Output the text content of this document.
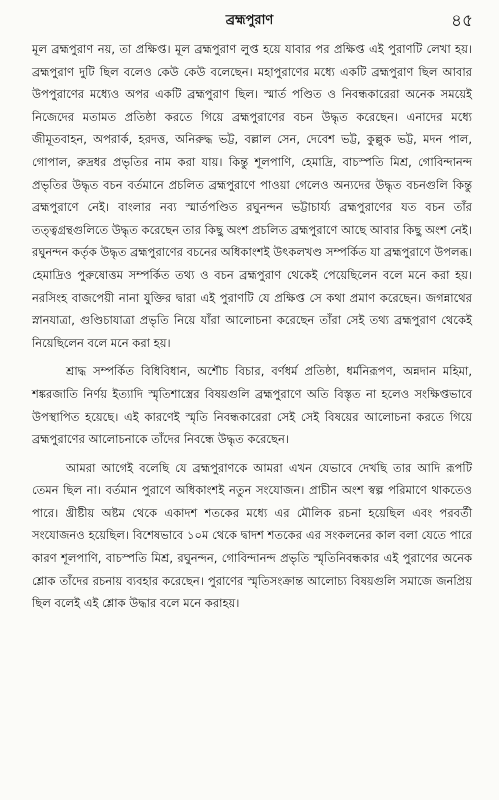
ব্রহ্মপুরাণ	৪৫

মূল ব্রহ্মপুরাণ নয়, তা প্রক্ষিপ্ত। মূল ব্রহ্মপুরাণ লুপ্ত হয়ে যাবার পর প্রক্ষিপ্ত এই পুরাণটি লেখা হয়। ব্রহ্মপুরাণ দুটি ছিল বলেও কেউ কেউ বলেছেন। মহাপুরাণের মধ্যে একটি ব্রহ্মপুরাণ ছিল আবার উপপুরাণের মধ্যেও অপর একটি ব্রহ্মপুরাণ ছিল। স্মার্ত পণ্ডিত ও নিবন্ধকারেরা অনেক সময়েই নিজেদের মতামত প্রতিষ্ঠা করতে গিয়ে ব্রহ্মপুরাণের বচন উদ্ধৃত করেছেন। এনাদের মধ্যে জীমূতবাহন, অপরার্ক, হরদত্ত, অনিরুদ্ধ ভট্ট, বল্লাল সেন, দেবেশ ভট্ট, কুল্লুক ভট্ট, মদন পাল, গোপাল, রুদ্রধর প্রভৃতির নাম করা যায়। কিন্তু শূলপাণি, হেমাদ্রি, বাচস্পতি মিশ্র, গোবিন্দানন্দ প্রভৃতির উদ্ধৃত বচন বর্তমানে প্রচলিত ব্রহ্মপুরাণে পাওয়া গেলেও অন্যদের উদ্ধৃত বচনগুলি কিন্তু ব্রহ্মপুরাণে নেই। বাংলার নব্য স্মার্তপণ্ডিত রঘুনন্দন ভট্টাচার্য্য ব্রহ্মপুরাণের যত বচন তাঁর তত্ত্বগ্রন্থগুলিতে উদ্ধৃত করেছেন তার কিছু অংশ প্রচলিত ব্রহ্মপুরাণে আছে আবার কিছু অংশ নেই। রঘুনন্দন কর্তৃক উদ্ধৃত ব্রহ্মপুরাণের বচনের অধিকাংশই উৎকলখণ্ড সম্পর্কিত যা ব্রহ্মপুরাণে উপলব্ধ। হেমাদ্রিও পুরুষোত্তম সম্পর্কিত তথ্য ও বচন ব্রহ্মপুরাণ থেকেই পেয়েছিলেন বলে মনে করা হয়। নরসিংহ বাজপেয়ী নানা যুক্তির দ্বারা এই পুরাণটি যে প্রক্ষিপ্ত সে কথা প্রমাণ করেছেন। জগন্নাথের স্নানযাত্রা, গুণ্ডিচাযাত্রা প্রভৃতি নিয়ে যাঁরা আলোচনা করেছেন তাঁরা সেই তথ্য ব্রহ্মপুরাণ থেকেই নিয়েছিলেন বলে মনে করা হয়।

শ্রাদ্ধ সম্পর্কিত বিধিবিধান, অশৌচ বিচার, বর্ণধর্ম প্রতিষ্ঠা, ধর্মনিরূপণ, অন্নদান মহিমা, শঙ্করজাতি নির্ণয় ইত্যাদি স্মৃতিশাস্ত্রের বিষয়গুলি ব্রহ্মপুরাণে অতি বিস্তৃত না হলেও সংক্ষিপ্তভাবে উপস্থাপিত হয়েছে। এই কারণেই স্মৃতি নিবন্ধকারেরা সেই সেই বিষয়ের আলোচনা করতে গিয়ে ব্রহ্মপুরাণের আলোচনাকে তাঁদের নিবন্ধে উদ্ধৃত করেছেন।

আমরা আগেই বলেছি যে ব্রহ্মপুরাণকে আমরা এখন যেভাবে দেখছি তার আদি রূপটি তেমন ছিল না। বর্তমান পুরাণে অধিকাংশই নতুন সংযোজন। প্রাচীন অংশ স্বল্প পরিমাণে থাকতেও পারে। খ্রীষ্টীয় অষ্টম থেকে একাদশ শতকের মধ্যে এর মৌলিক রচনা হয়েছিল এবং পরবর্তী সংযোজনও হয়েছিল। বিশেষভাবে ১০ম থেকে দ্বাদশ শতকের এর সংকলনের কাল বলা যেতে পারে কারণ শূলপাণি, বাচস্পতি মিশ্র, রঘুনন্দন, গোবিন্দানন্দ প্রভৃতি স্মৃতিনিবন্ধকার এই পুরাণের অনেক শ্লোক তাঁদের রচনায় ব্যবহার করেছেন। পুরাণের স্মৃতিসংক্রান্ত আলোচ্য বিষয়গুলি সমাজে জনপ্রিয় ছিল বলেই এই শ্লোক উদ্ধার বলে মনে করাহয়।
